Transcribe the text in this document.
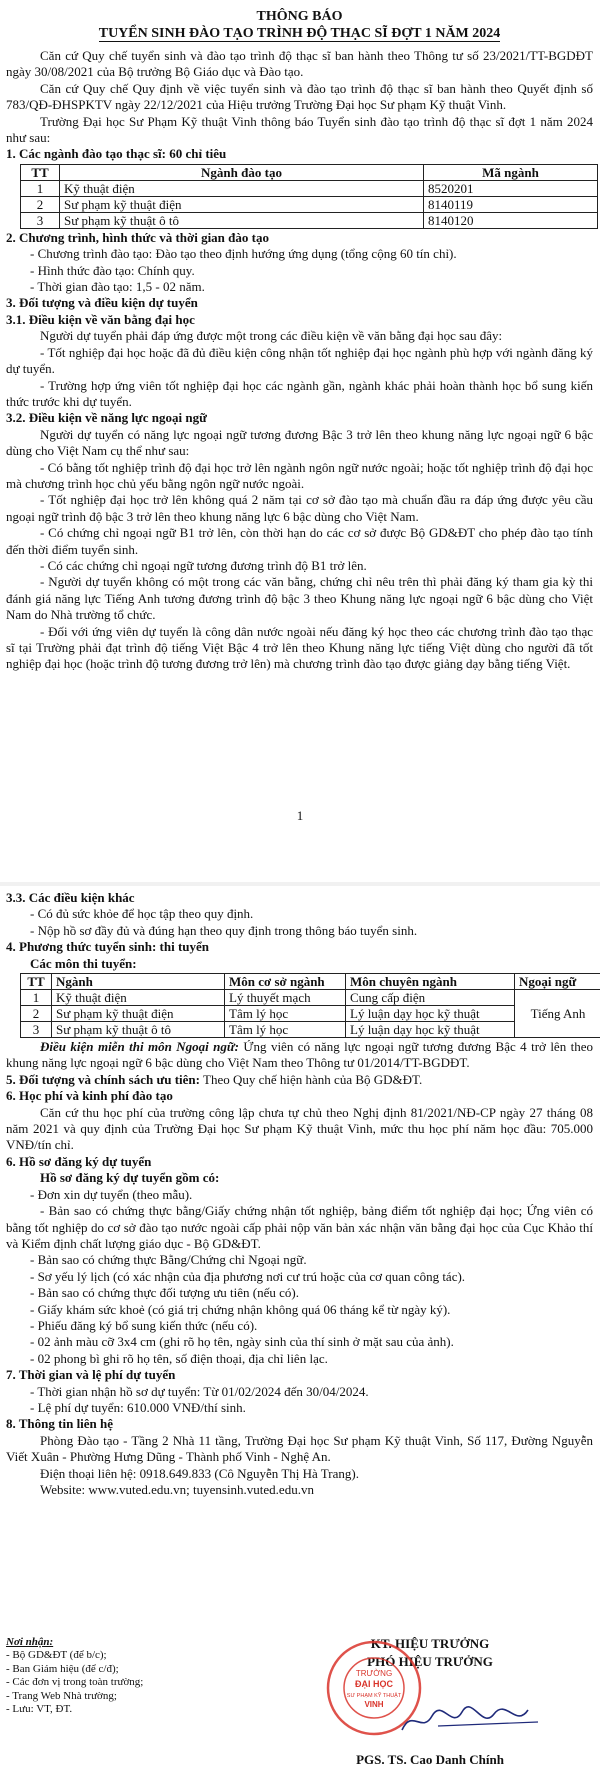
THÔNG BÁO
TUYỂN SINH ĐÀO TẠO TRÌNH ĐỘ THẠC SĨ ĐỢT 1 NĂM 2024

Căn cứ Quy chế tuyển sinh và đào tạo trình độ thạc sĩ ban hành theo Thông tư số 23/2021/TT-BGDĐT ngày 30/08/2021 của Bộ trưởng Bộ Giáo dục và Đào tạo.

Căn cứ Quy chế Quy định về việc tuyển sinh và đào tạo trình độ thạc sĩ ban hành theo Quyết định số 783/QĐ-ĐHSPKTV ngày 22/12/2021 của Hiệu trưởng Trường Đại học Sư phạm Kỹ thuật Vinh.

Trường Đại học Sư Phạm Kỹ thuật Vinh thông báo Tuyển sinh đào tạo trình độ thạc sĩ đợt 1 năm 2024 như sau:

1. Các ngành đào tạo thạc sĩ: 60 chỉ tiêu
TT	Ngành đào tạo	Mã ngành
1	Kỹ thuật điện	8520201
2	Sư phạm kỹ thuật điện	8140119
3	Sư phạm kỹ thuật ô tô	8140120
2. Chương trình, hình thức và thời gian đào tạo

- Chương trình đào tạo: Đào tạo theo định hướng ứng dụng (tổng cộng 60 tín chỉ).

- Hình thức đào tạo: Chính quy.

- Thời gian đào tạo: 1,5 - 02 năm.

3. Đối tượng và điều kiện dự tuyển
3.1. Điều kiện về văn bằng đại học

Người dự tuyển phải đáp ứng được một trong các điều kiện về văn bằng đại học sau đây:

- Tốt nghiệp đại học hoặc đã đủ điều kiện công nhận tốt nghiệp đại học ngành phù hợp với ngành đăng ký dự tuyển.

- Trường hợp ứng viên tốt nghiệp đại học các ngành gần, ngành khác phải hoàn thành học bổ sung kiến thức trước khi dự tuyển.

3.2. Điều kiện về năng lực ngoại ngữ

Người dự tuyển có năng lực ngoại ngữ tương đương Bậc 3 trở lên theo khung năng lực ngoại ngữ 6 bậc dùng cho Việt Nam cụ thể như sau:

- Có bằng tốt nghiệp trình độ đại học trở lên ngành ngôn ngữ nước ngoài; hoặc tốt nghiệp trình độ đại học mà chương trình học chủ yếu bằng ngôn ngữ nước ngoài.

- Tốt nghiệp đại học trở lên không quá 2 năm tại cơ sở đào tạo mà chuẩn đầu ra đáp ứng được yêu cầu ngoại ngữ trình độ bậc 3 trở lên theo khung năng lực 6 bậc dùng cho Việt Nam.

- Có chứng chỉ ngoại ngữ B1 trở lên, còn thời hạn do các cơ sở được Bộ GD&ĐT cho phép đào tạo tính đến thời điểm tuyển sinh.

- Có các chứng chỉ ngoại ngữ tương đương trình độ B1 trở lên.

- Người dự tuyển không có một trong các văn bằng, chứng chỉ nêu trên thì phải đăng ký tham gia kỳ thi đánh giá năng lực Tiếng Anh tương đương trình độ bậc 3 theo Khung năng lực ngoại ngữ 6 bậc dùng cho Việt Nam do Nhà trường tổ chức.

- Đối với ứng viên dự tuyển là công dân nước ngoài nếu đăng ký học theo các chương trình đào tạo thạc sĩ tại Trường phải đạt trình độ tiếng Việt Bậc 4 trở lên theo Khung năng lực tiếng Việt dùng cho người đã tốt nghiệp đại học (hoặc trình độ tương đương trở lên) mà chương trình đào tạo được giảng dạy bằng tiếng Việt.

1
3.3. Các điều kiện khác

- Có đủ sức khỏe để học tập theo quy định.

- Nộp hồ sơ đầy đủ và đúng hạn theo quy định trong thông báo tuyển sinh.

4. Phương thức tuyển sinh: thi tuyển
Các môn thi tuyển:
TT	Ngành	Môn cơ sở ngành	Môn chuyên ngành	Ngoại ngữ
1	Kỹ thuật điện	Lý thuyết mạch	Cung cấp điện	Tiếng Anh
2	Sư phạm kỹ thuật điện	Tâm lý học	Lý luận dạy học kỹ thuật	
3	Sư phạm kỹ thuật ô tô	Tâm lý học	Lý luận dạy học kỹ thuật	

Điều kiện miễn thi môn Ngoại ngữ: Ứng viên có năng lực ngoại ngữ tương đương Bậc 4 trở lên theo khung năng lực ngoại ngữ 6 bậc dùng cho Việt Nam theo Thông tư 01/2014/TT-BGDĐT.

5. Đối tượng và chính sách ưu tiên: Theo Quy chế hiện hành của Bộ GD&ĐT.

6. Học phí và kinh phí đào tạo

Căn cứ thu học phí của trường công lập chưa tự chủ theo Nghị định 81/2021/NĐ-CP ngày 27 tháng 08 năm 2021 và quy định của Trường Đại học Sư phạm Kỹ thuật Vinh, mức thu học phí năm học đầu: 705.000 VNĐ/tín chỉ.

6. Hồ sơ đăng ký dự tuyển
Hồ sơ đăng ký dự tuyển gồm có:

- Đơn xin dự tuyển (theo mẫu).

- Bản sao có chứng thực bằng/Giấy chứng nhận tốt nghiệp, bảng điểm tốt nghiệp đại học; Ứng viên có bằng tốt nghiệp do cơ sở đào tạo nước ngoài cấp phải nộp văn bản xác nhận văn bằng đại học của Cục Khảo thí và Kiểm định chất lượng giáo dục - Bộ GD&ĐT.

- Bản sao có chứng thực Bằng/Chứng chỉ Ngoại ngữ.

- Sơ yếu lý lịch (có xác nhận của địa phương nơi cư trú hoặc của cơ quan công tác).

- Bản sao có chứng thực đối tượng ưu tiên (nếu có).

- Giấy khám sức khoẻ (có giá trị chứng nhận không quá 06 tháng kể từ ngày ký).

- Phiếu đăng ký bổ sung kiến thức (nếu có).

- 02 ảnh màu cỡ 3x4 cm (ghi rõ họ tên, ngày sinh của thí sinh ở mặt sau của ảnh).

- 02 phong bì ghi rõ họ tên, số điện thoại, địa chỉ liên lạc.

7. Thời gian và lệ phí dự tuyển

- Thời gian nhận hồ sơ dự tuyển: Từ 01/02/2024 đến 30/04/2024.

- Lệ phí dự tuyển: 610.000 VNĐ/thí sinh.

8. Thông tin liên hệ

Phòng Đào tạo - Tầng 2 Nhà 11 tầng, Trường Đại học Sư phạm Kỹ thuật Vinh, Số 117, Đường Nguyễn Viết Xuân - Phường Hưng Dũng - Thành phố Vinh - Nghệ An.

Điện thoại liên hệ: 0918.649.833 (Cô Nguyễn Thị Hà Trang).

Website: www.vuted.edu.vn; tuyensinh.vuted.edu.vn

Nơi nhận:
- Bộ GD&ĐT (để b/c);
- Ban Giám hiệu (để c/đ);
- Các đơn vị trong toàn trường;
- Trang Web Nhà trường;
- Lưu: VT, ĐT.
KT. HIỆU TRƯỞNG
PHÓ HIỆU TRƯỞNG
TRƯỜNG
ĐẠI HỌC
SƯ PHẠM KỸ THUẬT
VINH
PGS. TS. Cao Danh Chính
